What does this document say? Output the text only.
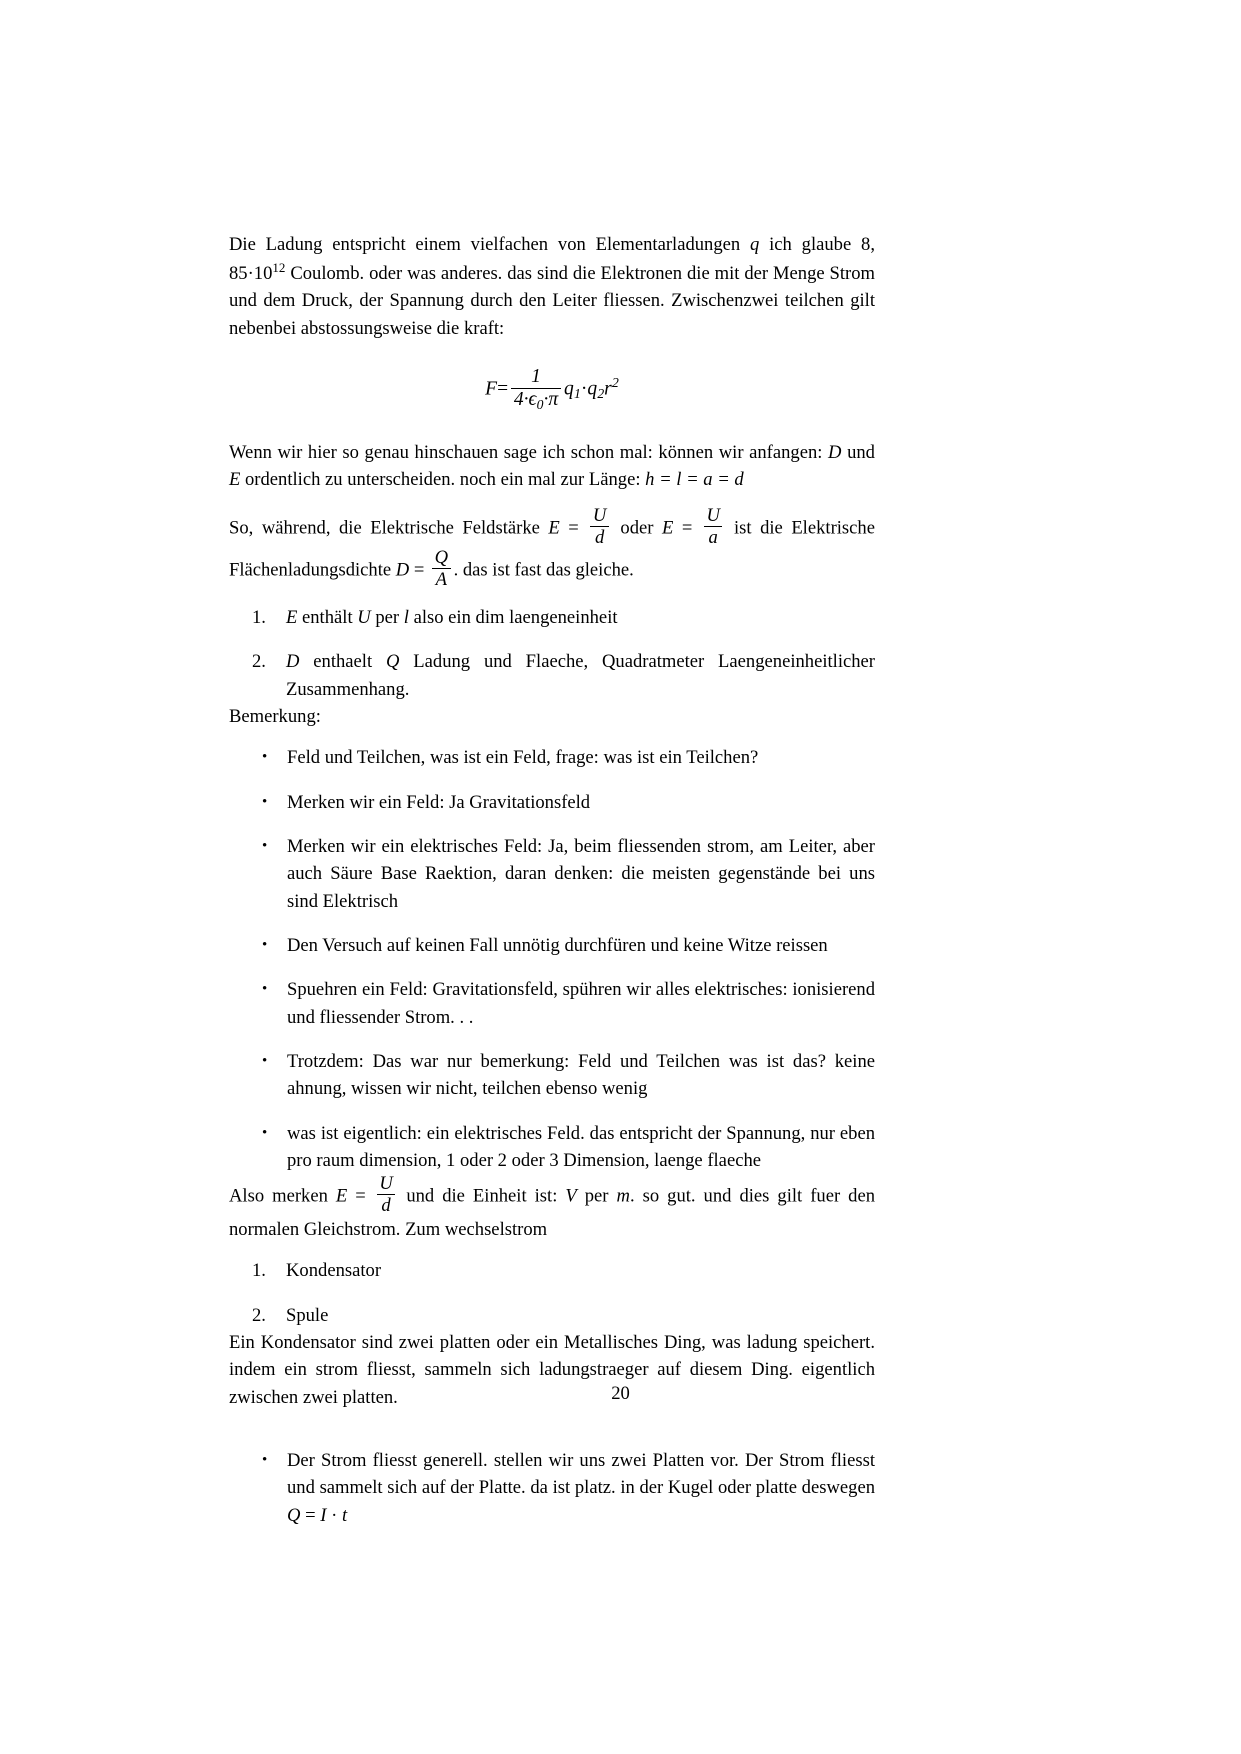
Die Ladung entspricht einem vielfachen von Elementarladungen q ich glaube 8, $85\cdot 10^{12}$ Coulomb. oder was anderes. das sind die Elektronen die mit der Menge Strom und dem Druck, der Spannung durch den Leiter fliessen. Zwischenzwei teilchen gilt nebenbei abstossungsweise die kraft:

$F= \frac{1}{4\cdot\epsilon_0\cdot\pi} q_1\cdot q_2r^2$

Wenn wir hier so genau hinschauen sage ich schon mal: können wir anfangen: D und E ordentlich zu unterscheiden. noch ein mal zur Länge: h = l = a = d

So, während, die Elektrische Feldstärke $E = \frac{U}{d}$ oder $E = \frac{U}{a}$ ist die Elektrische Flächenladungsdichte $D = \frac{Q}{A}$ . das ist fast das gleiche.

1.	E enthält U per l also ein dim laengeneinheit
2.	D enthaelt Q Ladung und Flaeche, Quadratmeter Laengeneinheitlicher Zusammenhang.

Bemerkung:

• Feld und Teilchen, was ist ein Feld, frage: was ist ein Teilchen?
• Merken wir ein Feld: Ja Gravitationsfeld
• Merken wir ein elektrisches Feld: Ja, beim fliessenden strom, am Leiter, aber auch Säure Base Raektion, daran denken: die meisten gegenstände bei uns sind Elektrisch
• Den Versuch auf keinen Fall unnötig durchfüren und keine Witze reissen
• Spuehren ein Feld: Gravitationsfeld, spühren wir alles elektrisches: ionisierend und fliessender Strom. . .
• Trotzdem: Das war nur bemerkung: Feld und Teilchen was ist das? keine ahnung, wissen wir nicht, teilchen ebenso wenig
• was ist eigentlich: ein elektrisches Feld. das entspricht der Spannung, nur eben pro raum dimension, 1 oder 2 oder 3 Dimension, laenge flaeche

Also merken $E = \frac{U}{d}$ und die Einheit ist: V per m. so gut. und dies gilt fuer den normalen Gleichstrom. Zum wechselstrom

1.	Kondensator
2.	Spule

Ein Kondensator sind zwei platten oder ein Metallisches Ding, was ladung speichert. indem ein strom fliesst, sammeln sich ladungstraeger auf diesem Ding. eigentlich zwischen zwei platten.

• Der Strom fliesst generell. stellen wir uns zwei Platten vor. Der Strom fliesst und sammelt sich auf der Platte. da ist platz. in der Kugel oder platte deswegen Q = I · t
20
